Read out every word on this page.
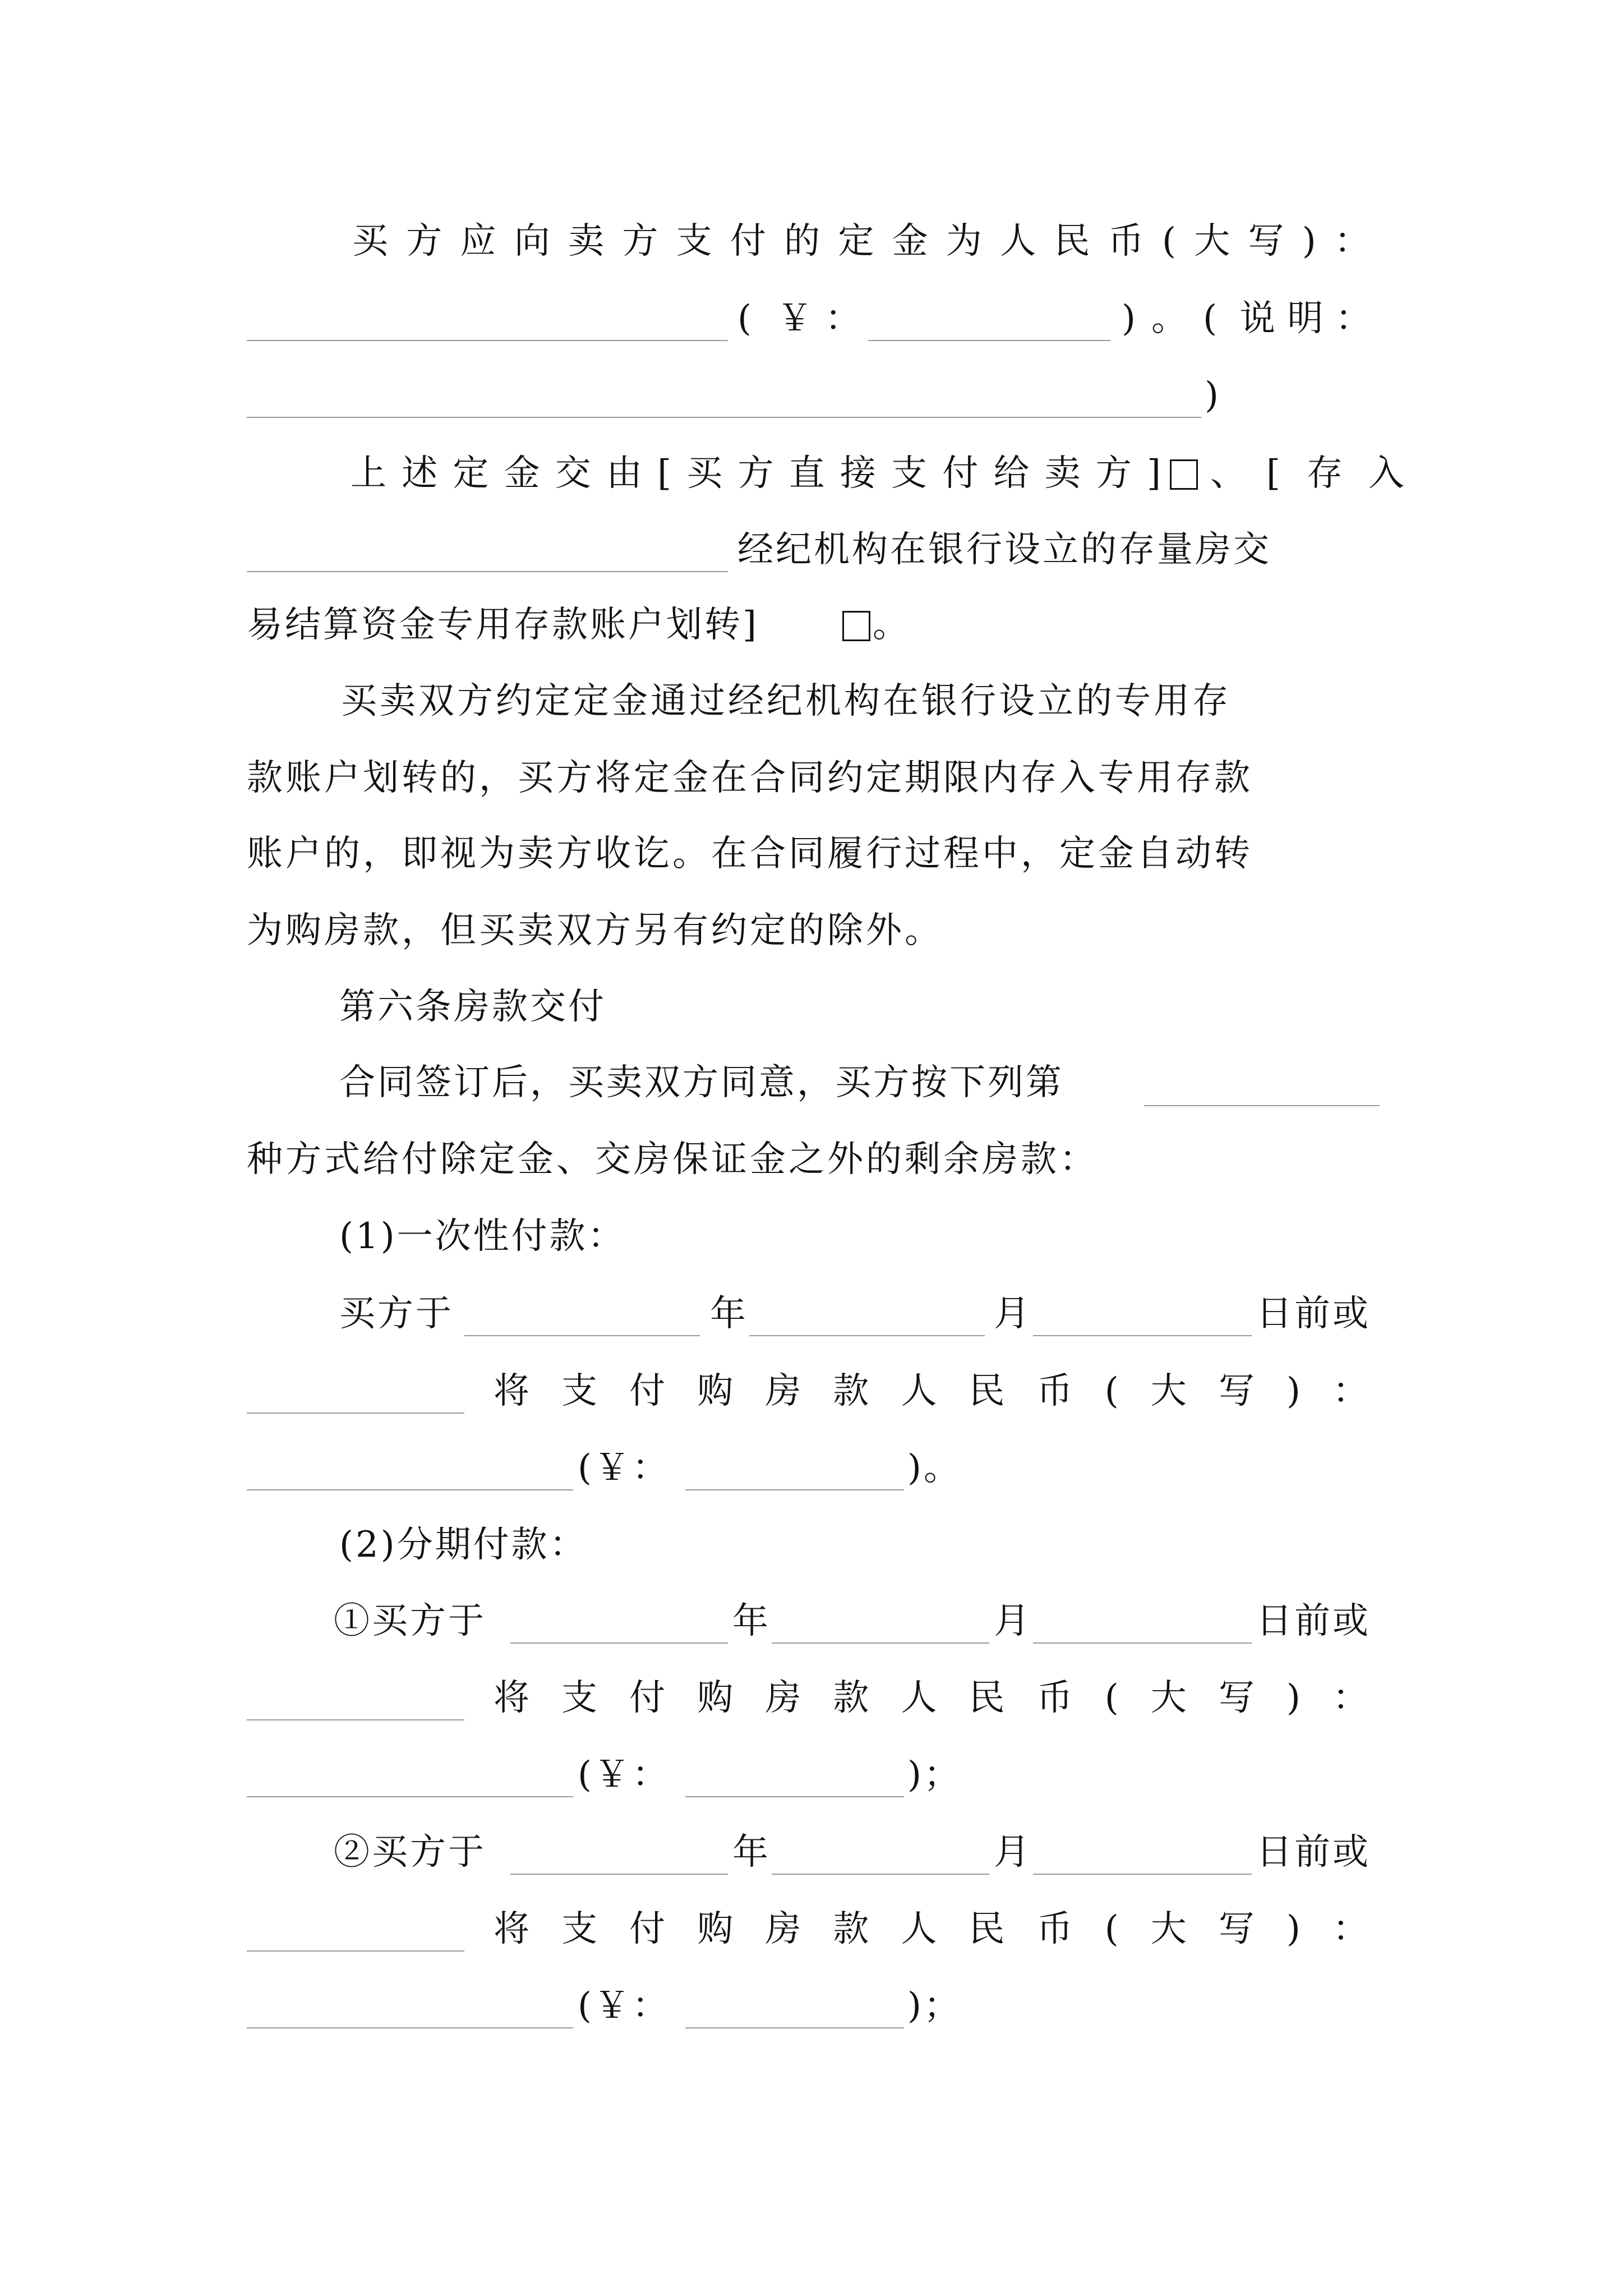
买 方 应 向 卖 方 支 付 的 定 金 为 人 民 币 ( 大 写 ) ：
( ￥：	)。( 说 明 ：
)
上 述 定 金 交 由 [ 买 方 直 接 支 付 给 卖 方 ] 、 [ 存入
经纪机构在银行设立的存量房交
易结算资金专用存款账户划转]	。
买卖双方约定定金通过经纪机构在银行设立的专用存
款账户划转的，买方将定金在合同约定期限内存入专用存款
账户的，即视为卖方收讫。在合同履行过程中，定金自动转
为购房款，但买卖双方另有约定的除外。
第六条房款交付
合同签订后，买卖双方同意，买方按下列第
种方式给付除定金、交房保证金之外的剩余房款：
(1)一次性付款：
买方于	年	月	日前或
将 支 付 购 房 款 人 民 币 ( 大 写 ) ：
(￥：	)。
(2)分期付款：
①买方于	年	月	日前或
将 支 付 购 房 款 人 民 币 ( 大 写 ) ：
(￥：	)；
②买方于	年	月	日前或
将 支 付 购 房 款 人 民 币 ( 大 写 ) ：
(￥：	)；
